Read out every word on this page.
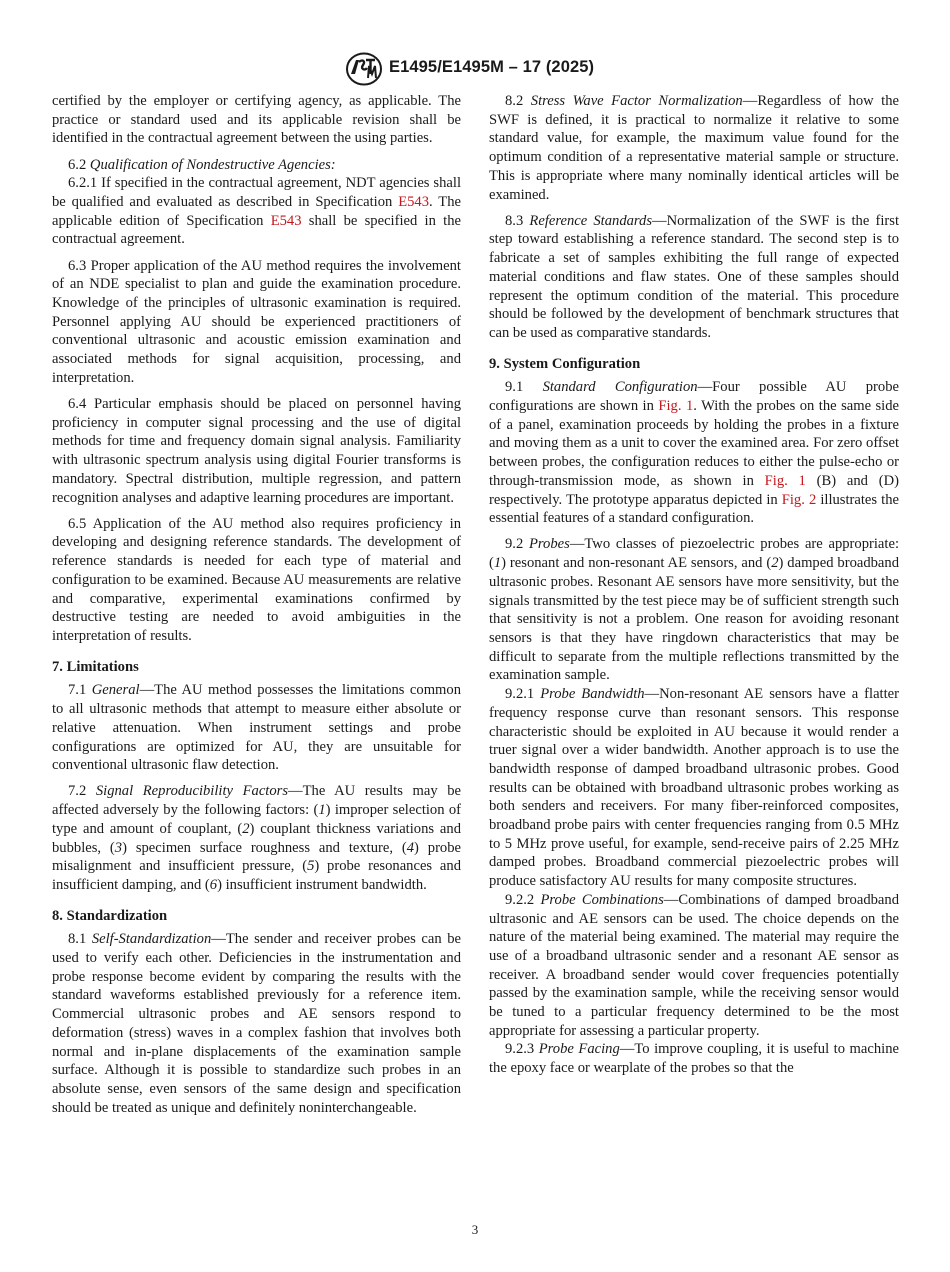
E1495/E1495M – 17 (2025)

certified by the employer or certifying agency, as applicable. The practice or standard used and its applicable revision shall be identified in the contractual agreement between the using parties.

6.2 Qualification of Nondestructive Agencies:

6.2.1 If specified in the contractual agreement, NDT agencies shall be qualified and evaluated as described in Specification E543. The applicable edition of Specification E543 shall be specified in the contractual agreement.

6.3 Proper application of the AU method requires the involvement of an NDE specialist to plan and guide the examination procedure. Knowledge of the principles of ultrasonic examination is required. Personnel applying AU should be experienced practitioners of conventional ultrasonic and acoustic emission examination and associated methods for signal acquisition, processing, and interpretation.

6.4 Particular emphasis should be placed on personnel having proficiency in computer signal processing and the use of digital methods for time and frequency domain signal analysis. Familiarity with ultrasonic spectrum analysis using digital Fourier transforms is mandatory. Spectral distribution, multiple regression, and pattern recognition analyses and adaptive learning procedures are important.

6.5 Application of the AU method also requires proficiency in developing and designing reference standards. The development of reference standards is needed for each type of material and configuration to be examined. Because AU measurements are relative and comparative, experimental examinations confirmed by destructive testing are needed to avoid ambiguities in the interpretation of results.

7. Limitations

7.1 General—The AU method possesses the limitations common to all ultrasonic methods that attempt to measure either absolute or relative attenuation. When instrument settings and probe configurations are optimized for AU, they are unsuitable for conventional ultrasonic flaw detection.

7.2 Signal Reproducibility Factors—The AU results may be affected adversely by the following factors: (1) improper selection of type and amount of couplant, (2) couplant thickness variations and bubbles, (3) specimen surface roughness and texture, (4) probe misalignment and insufficient pressure, (5) probe resonances and insufficient damping, and (6) insufficient instrument bandwidth.

8. Standardization

8.1 Self-Standardization—The sender and receiver probes can be used to verify each other. Deficiencies in the instrumentation and probe response become evident by comparing the results with the standard waveforms established previously for a reference item. Commercial ultrasonic probes and AE sensors respond to deformation (stress) waves in a complex fashion that involves both normal and in-plane displacements of the examination sample surface. Although it is possible to standardize such probes in an absolute sense, even sensors of the same design and specification should be treated as unique and definitely noninterchangeable.

8.2 Stress Wave Factor Normalization—Regardless of how the SWF is defined, it is practical to normalize it relative to some standard value, for example, the maximum value found for the optimum condition of a representative material sample or structure. This is appropriate where many nominally identical articles will be examined.

8.3 Reference Standards—Normalization of the SWF is the first step toward establishing a reference standard. The second step is to fabricate a set of samples exhibiting the full range of expected material conditions and flaw states. One of these samples should represent the optimum condition of the material. This procedure should be followed by the development of benchmark structures that can be used as comparative standards.

9. System Configuration

9.1 Standard Configuration—Four possible AU probe configurations are shown in Fig. 1. With the probes on the same side of a panel, examination proceeds by holding the probes in a fixture and moving them as a unit to cover the examined area. For zero offset between probes, the configuration reduces to either the pulse-echo or through-transmission mode, as shown in Fig. 1 (B) and (D) respectively. The prototype apparatus depicted in Fig. 2 illustrates the essential features of a standard configuration.

9.2 Probes—Two classes of piezoelectric probes are appropriate: (1) resonant and non-resonant AE sensors, and (2) damped broadband ultrasonic probes. Resonant AE sensors have more sensitivity, but the signals transmitted by the test piece may be of sufficient strength such that sensitivity is not a problem. One reason for avoiding resonant sensors is that they have ringdown characteristics that may be difficult to separate from the multiple reflections transmitted by the examination sample.

9.2.1 Probe Bandwidth—Non-resonant AE sensors have a flatter frequency response curve than resonant sensors. This response characteristic should be exploited in AU because it would render a truer signal over a wider bandwidth. Another approach is to use the bandwidth response of damped broadband ultrasonic probes. Good results can be obtained with broadband ultrasonic probes working as both senders and receivers. For many fiber-reinforced composites, broadband probe pairs with center frequencies ranging from 0.5 MHz to 5 MHz prove useful, for example, send-receive pairs of 2.25 MHz damped probes. Broadband commercial piezoelectric probes will produce satisfactory AU results for many composite structures.

9.2.2 Probe Combinations—Combinations of damped broadband ultrasonic and AE sensors can be used. The choice depends on the nature of the material being examined. The material may require the use of a broadband ultrasonic sender and a resonant AE sensor as receiver. A broadband sender would cover frequencies potentially passed by the examination sample, while the receiving sensor would be tuned to a particular frequency determined to be the most appropriate for assessing a particular property.

9.2.3 Probe Facing—To improve coupling, it is useful to machine the epoxy face or wearplate of the probes so that the

3
